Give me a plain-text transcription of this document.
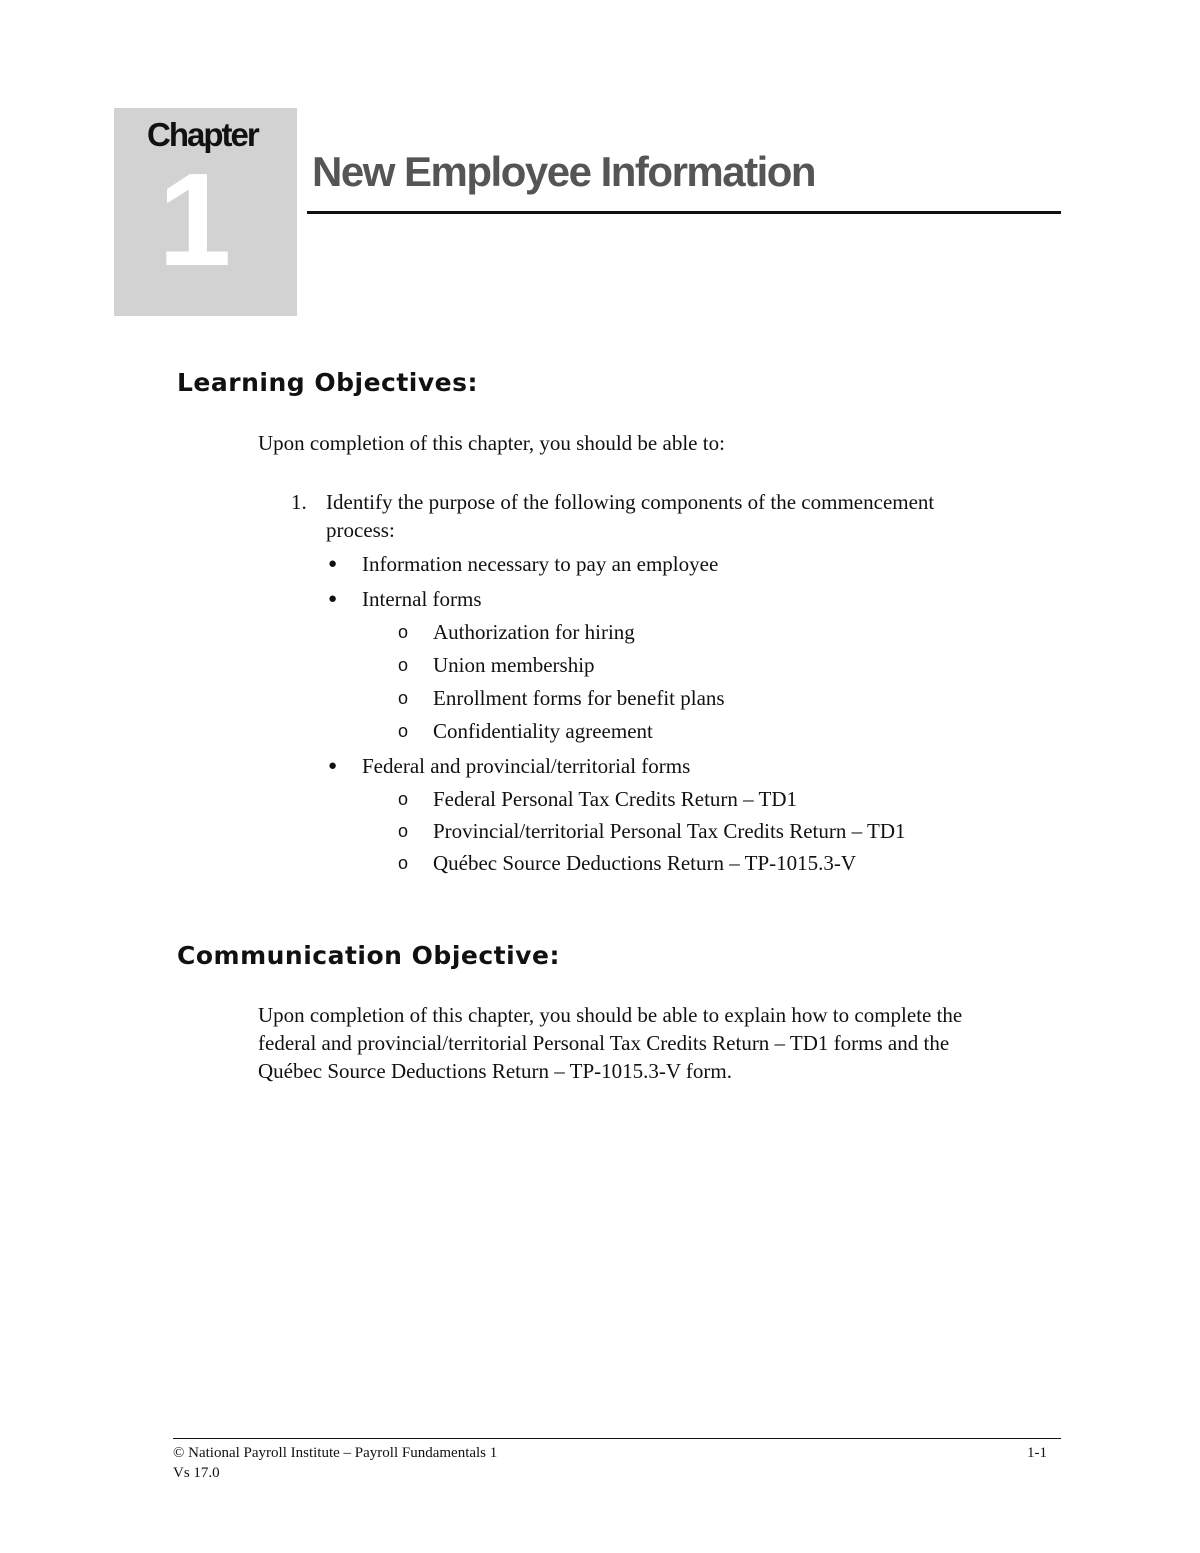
Chapter
1 New Employee Information
Learning Objectives:
Upon completion of this chapter, you should be able to:
1. Identify the purpose of the following components of the commencement
process:
● Information necessary to pay an employee
● Internal forms
o Authorization for hiring
o Union membership
o Enrollment forms for benefit plans
o Confidentiality agreement
● Federal and provincial/territorial forms
o Federal Personal Tax Credits Return – TD1
o Provincial/territorial Personal Tax Credits Return – TD1
o Québec Source Deductions Return – TP-1015.3-V
Communication Objective:
Upon completion of this chapter, you should be able to explain how to complete the
federal and provincial/territorial Personal Tax Credits Return – TD1 forms and the
Québec Source Deductions Return – TP-1015.3-V form.
© National Payroll Institute – Payroll Fundamentals 1
Vs 17.0
1-1
